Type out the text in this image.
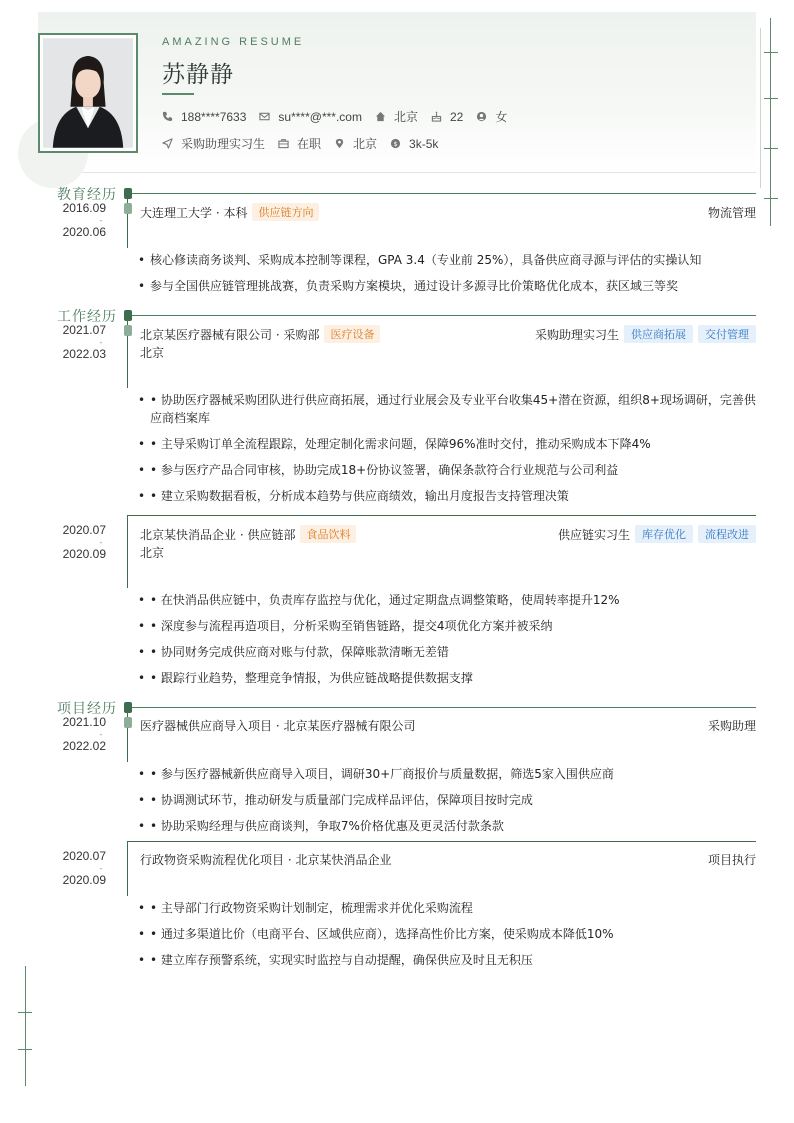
AMAZING RESUME
苏静静
188****7633	su****@***.com	北京	22	女
采购助理实习生	在职	北京 $ 3k-5k
教育经历
2016.09
-
2020.06
大连理工大学 · 本科	供应链方向	物流管理
• 核心修读商务谈判、采购成本控制等课程，GPA 3.4（专业前 25%），具备供应商寻源与评估的实操认知
• 参与全国供应链管理挑战赛，负责采购方案模块，通过设计多源寻比价策略优化成本，获区域三等奖
工作经历
2021.07
-
2022.03
北京某医疗器械有限公司 · 采购部	医疗设备	采购助理实习生	供应商拓展	交付管理
北京
• • 协助医疗器械采购团队进行供应商拓展，通过行业展会及专业平台收集45+潜在资源，组织8+现场调研，完善供应商档案库
• • 主导采购订单全流程跟踪，处理定制化需求问题，保障96%准时交付，推动采购成本下降4%
• • 参与医疗产品合同审核，协助完成18+份协议签署，确保条款符合行业规范与公司利益
• • 建立采购数据看板，分析成本趋势与供应商绩效，输出月度报告支持管理决策
2020.07
-
2020.09
北京某快消品企业 · 供应链部	食品饮料	供应链实习生	库存优化	流程改进
北京
• • 在快消品供应链中，负责库存监控与优化，通过定期盘点调整策略，使周转率提升12%
• • 深度参与流程再造项目，分析采购至销售链路，提交4项优化方案并被采纳
• • 协同财务完成供应商对账与付款，保障账款清晰无差错
• • 跟踪行业趋势，整理竞争情报，为供应链战略提供数据支撑
项目经历
2021.10
-
2022.02
医疗器械供应商导入项目 · 北京某医疗器械有限公司	采购助理
• • 参与医疗器械新供应商导入项目，调研30+厂商报价与质量数据，筛选5家入围供应商
• • 协调测试环节，推动研发与质量部门完成样品评估，保障项目按时完成
• • 协助采购经理与供应商谈判，争取7%价格优惠及更灵活付款条款
2020.07
-
2020.09
行政物资采购流程优化项目 · 北京某快消品企业	项目执行
• • 主导部门行政物资采购计划制定，梳理需求并优化采购流程
• • 通过多渠道比价（电商平台、区域供应商），选择高性价比方案，使采购成本降低10%
• • 建立库存预警系统，实现实时监控与自动提醒，确保供应及时且无积压
